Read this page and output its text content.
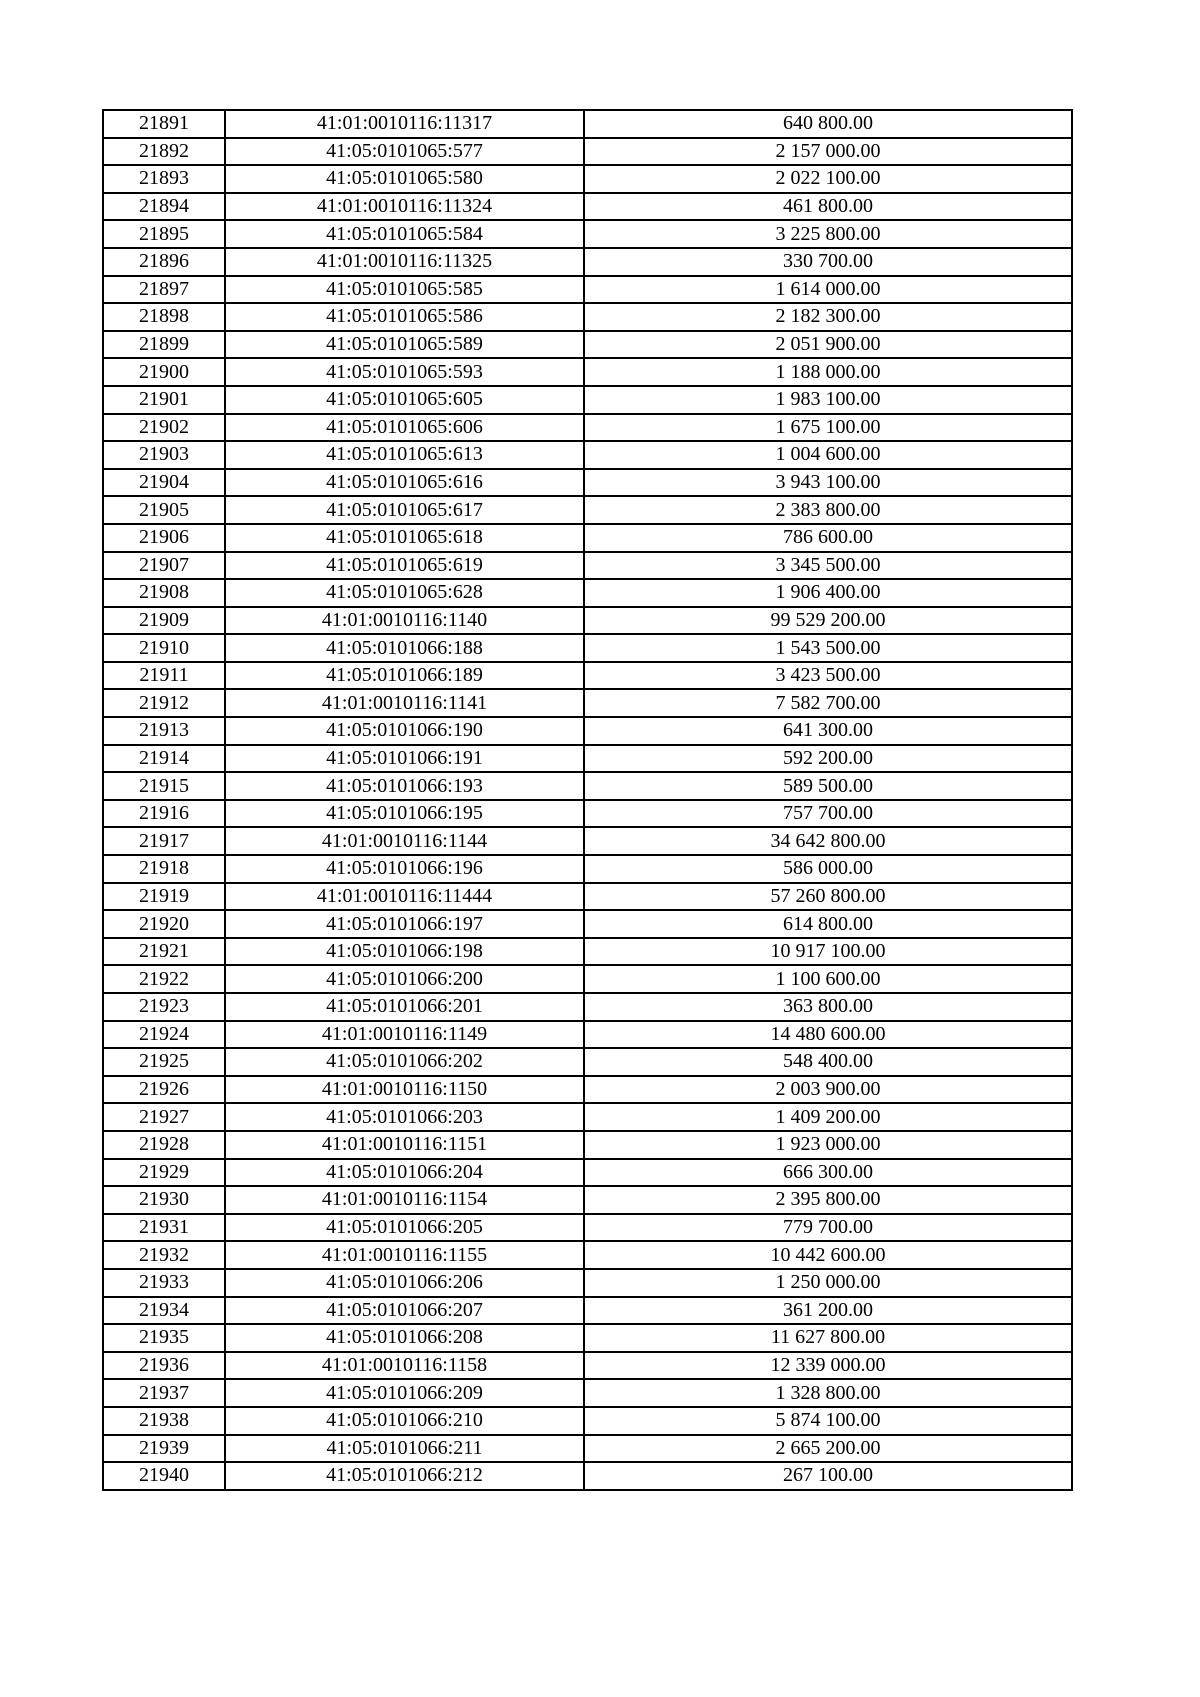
21891	41:01:0010116:11317	640 800.00
21892	41:05:0101065:577	2 157 000.00
21893	41:05:0101065:580	2 022 100.00
21894	41:01:0010116:11324	461 800.00
21895	41:05:0101065:584	3 225 800.00
21896	41:01:0010116:11325	330 700.00
21897	41:05:0101065:585	1 614 000.00
21898	41:05:0101065:586	2 182 300.00
21899	41:05:0101065:589	2 051 900.00
21900	41:05:0101065:593	1 188 000.00
21901	41:05:0101065:605	1 983 100.00
21902	41:05:0101065:606	1 675 100.00
21903	41:05:0101065:613	1 004 600.00
21904	41:05:0101065:616	3 943 100.00
21905	41:05:0101065:617	2 383 800.00
21906	41:05:0101065:618	786 600.00
21907	41:05:0101065:619	3 345 500.00
21908	41:05:0101065:628	1 906 400.00
21909	41:01:0010116:1140	99 529 200.00
21910	41:05:0101066:188	1 543 500.00
21911	41:05:0101066:189	3 423 500.00
21912	41:01:0010116:1141	7 582 700.00
21913	41:05:0101066:190	641 300.00
21914	41:05:0101066:191	592 200.00
21915	41:05:0101066:193	589 500.00
21916	41:05:0101066:195	757 700.00
21917	41:01:0010116:1144	34 642 800.00
21918	41:05:0101066:196	586 000.00
21919	41:01:0010116:11444	57 260 800.00
21920	41:05:0101066:197	614 800.00
21921	41:05:0101066:198	10 917 100.00
21922	41:05:0101066:200	1 100 600.00
21923	41:05:0101066:201	363 800.00
21924	41:01:0010116:1149	14 480 600.00
21925	41:05:0101066:202	548 400.00
21926	41:01:0010116:1150	2 003 900.00
21927	41:05:0101066:203	1 409 200.00
21928	41:01:0010116:1151	1 923 000.00
21929	41:05:0101066:204	666 300.00
21930	41:01:0010116:1154	2 395 800.00
21931	41:05:0101066:205	779 700.00
21932	41:01:0010116:1155	10 442 600.00
21933	41:05:0101066:206	1 250 000.00
21934	41:05:0101066:207	361 200.00
21935	41:05:0101066:208	11 627 800.00
21936	41:01:0010116:1158	12 339 000.00
21937	41:05:0101066:209	1 328 800.00
21938	41:05:0101066:210	5 874 100.00
21939	41:05:0101066:211	2 665 200.00
21940	41:05:0101066:212	267 100.00
